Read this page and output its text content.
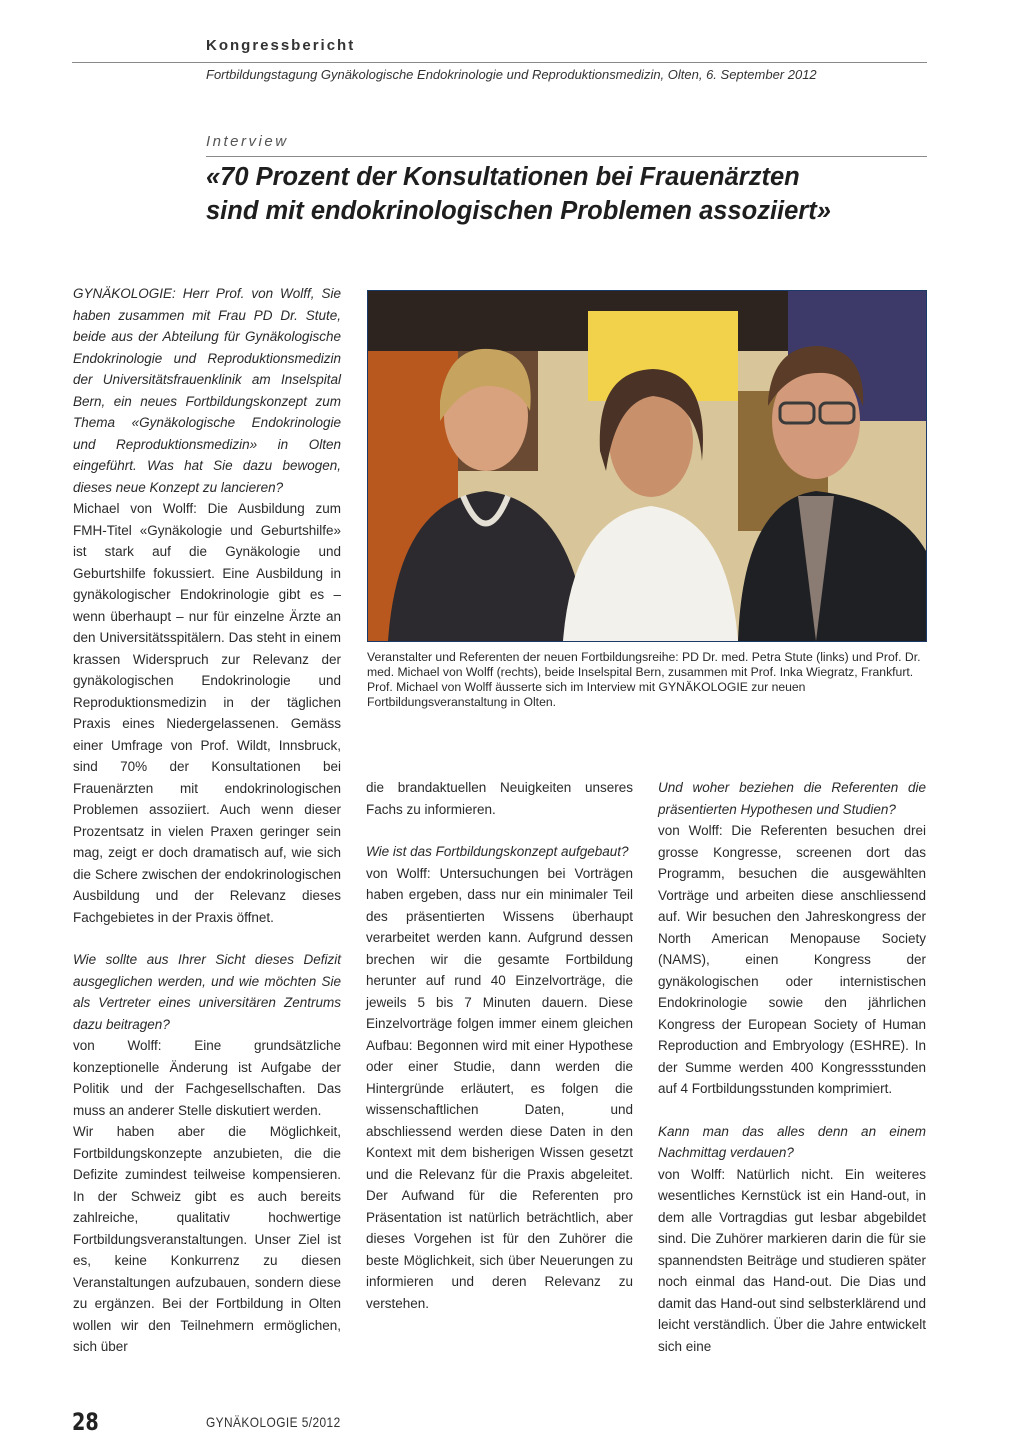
Kongressbericht
Fortbildungstagung Gynäkologische Endokrinologie und Reproduktionsmedizin, Olten, 6. September 2012
Interview
«70 Prozent der Konsultationen bei Frauenärzten
sind mit endokrinologischen Problemen assoziiert»

Veranstalter und Referenten der neuen Fortbildungsreihe: PD Dr. med. Petra Stute (links) und Prof. Dr. med. Michael von Wolff (rechts), beide Inselspital Bern, zusammen mit Prof. Inka Wiegratz, Frankfurt.

Prof. Michael von Wolff äusserte sich im Interview mit GYNÄKOLOGIE zur neuen Fortbildungsveranstaltung in Olten.

GYNÄKOLOGIE: Herr Prof. von Wolff, Sie haben zusammen mit Frau PD Dr. Stute, beide aus der Abteilung für Gynäkologische Endokrinologie und Reproduktionsmedizin der Universitätsfrauenklinik am Inselspital Bern, ein neues Fortbildungskonzept zum Thema «Gynäkologische Endokrinologie und Reproduktionsmedizin» in Olten eingeführt. Was hat Sie dazu bewogen, dieses neue Konzept zu lancieren?

Michael von Wolff: Die Ausbildung zum FMH-Titel «Gynäkologie und Geburtshilfe» ist stark auf die Gynäkologie und Geburtshilfe fokussiert. Eine Ausbildung in gynäkologischer Endokrinologie gibt es – wenn überhaupt – nur für einzelne Ärzte an den Universitätsspitälern. Das steht in einem krassen Widerspruch zur Relevanz der gynäkologischen Endokrinologie und Reproduktionsmedizin in der täglichen Praxis eines Niedergelassenen. Gemäss einer Umfrage von Prof. Wildt, Innsbruck, sind 70% der Konsultationen bei Frauenärzten mit endokrinologischen Problemen assoziiert. Auch wenn dieser Prozentsatz in vielen Praxen geringer sein mag, zeigt er doch dramatisch auf, wie sich die Schere zwischen der endokrinologischen Ausbildung und der Relevanz dieses Fachgebietes in der Praxis öffnet.

Wie sollte aus Ihrer Sicht dieses Defizit ausgeglichen werden, und wie möchten Sie als Vertreter eines universitären Zentrums dazu beitragen?

von Wolff: Eine grundsätzliche konzeptionelle Änderung ist Aufgabe der Politik und der Fachgesellschaften. Das muss an anderer Stelle diskutiert werden.

Wir haben aber die Möglichkeit, Fortbildungskonzepte anzubieten, die die Defizite zumindest teilweise kompensieren. In der Schweiz gibt es auch bereits zahlreiche, qualitativ hochwertige Fortbildungsveranstaltungen. Unser Ziel ist es, keine Konkurrenz zu diesen Veranstaltungen aufzubauen, sondern diese zu ergänzen. Bei der Fortbildung in Olten wollen wir den Teilnehmern ermöglichen, sich über

die brandaktuellen Neuigkeiten unseres Fachs zu informieren.

Wie ist das Fortbildungskonzept aufgebaut?

von Wolff: Untersuchungen bei Vorträgen haben ergeben, dass nur ein minimaler Teil des präsentierten Wissens überhaupt verarbeitet werden kann. Aufgrund dessen brechen wir die gesamte Fortbildung herunter auf rund 40 Einzelvorträge, die jeweils 5 bis 7 Minuten dauern. Diese Einzelvorträge folgen immer einem gleichen Aufbau: Begonnen wird mit einer Hypothese oder einer Studie, dann werden die Hintergründe erläutert, es folgen die wissenschaftlichen Daten, und abschliessend werden diese Daten in den Kontext mit dem bisherigen Wissen gesetzt und die Relevanz für die Praxis abgeleitet. Der Aufwand für die Referenten pro Präsentation ist natürlich beträchtlich, aber dieses Vorgehen ist für den Zuhörer die beste Möglichkeit, sich über Neuerungen zu informieren und deren Relevanz zu verstehen.

Und woher beziehen die Referenten die präsentierten Hypothesen und Studien?

von Wolff: Die Referenten besuchen drei grosse Kongresse, screenen dort das Programm, besuchen die ausgewählten Vorträge und arbeiten diese anschliessend auf. Wir besuchen den Jahreskongress der North American Menopause Society (NAMS), einen Kongress der gynäkologischen oder internistischen Endokrinologie sowie den jährlichen Kongress der European Society of Human Reproduction and Embryology (ESHRE). In der Summe werden 400 Kongressstunden auf 4 Fortbildungsstunden komprimiert.

Kann man das alles denn an einem Nachmittag verdauen?

von Wolff: Natürlich nicht. Ein weiteres wesentliches Kernstück ist ein Hand-out, in dem alle Vortragdias gut lesbar abgebildet sind. Die Zuhörer markieren darin die für sie spannendsten Beiträge und studieren später noch einmal das Hand-out. Die Dias und damit das Hand-out sind selbsterklärend und leicht verständlich. Über die Jahre entwickelt sich eine

28	GYNÄKOLOGIE 5/2012
